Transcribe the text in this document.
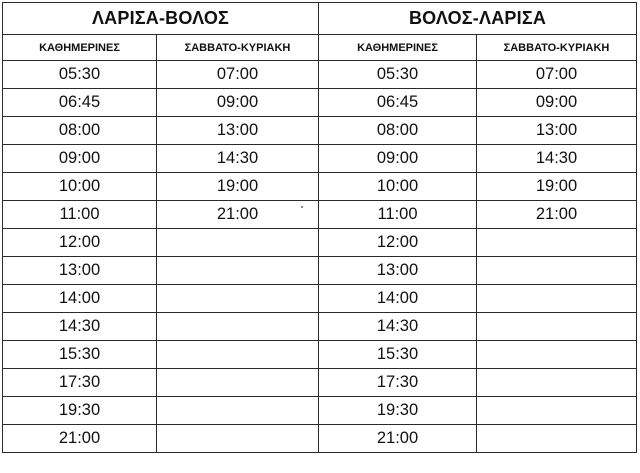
ΛΑΡΙΣΑ-ΒΟΛΟΣ		ΒΟΛΟΣ-ΛΑΡΙΣΑ	
ΚΑΘΗΜΕΡΙΝΕΣ	ΣΑΒΒΑΤΟ-ΚΥΡΙΑΚΗ	ΚΑΘΗΜΕΡΙΝΕΣ	ΣΑΒΒΑΤΟ-ΚΥΡΙΑΚΗ
05:30	07:00	05:30	07:00
06:45	09:00	06:45	09:00
08:00	13:00	08:00	13:00
09:00	14:30	09:00	14:30
10:00	19:00	10:00	19:00
11:00	21:00	11:00	21:00
12:00		12:00	
13:00		13:00	
14:00		14:00	
14:30		14:30	
15:30		15:30	
17:30		17:30	
19:30		19:30	
21:00		21:00	
